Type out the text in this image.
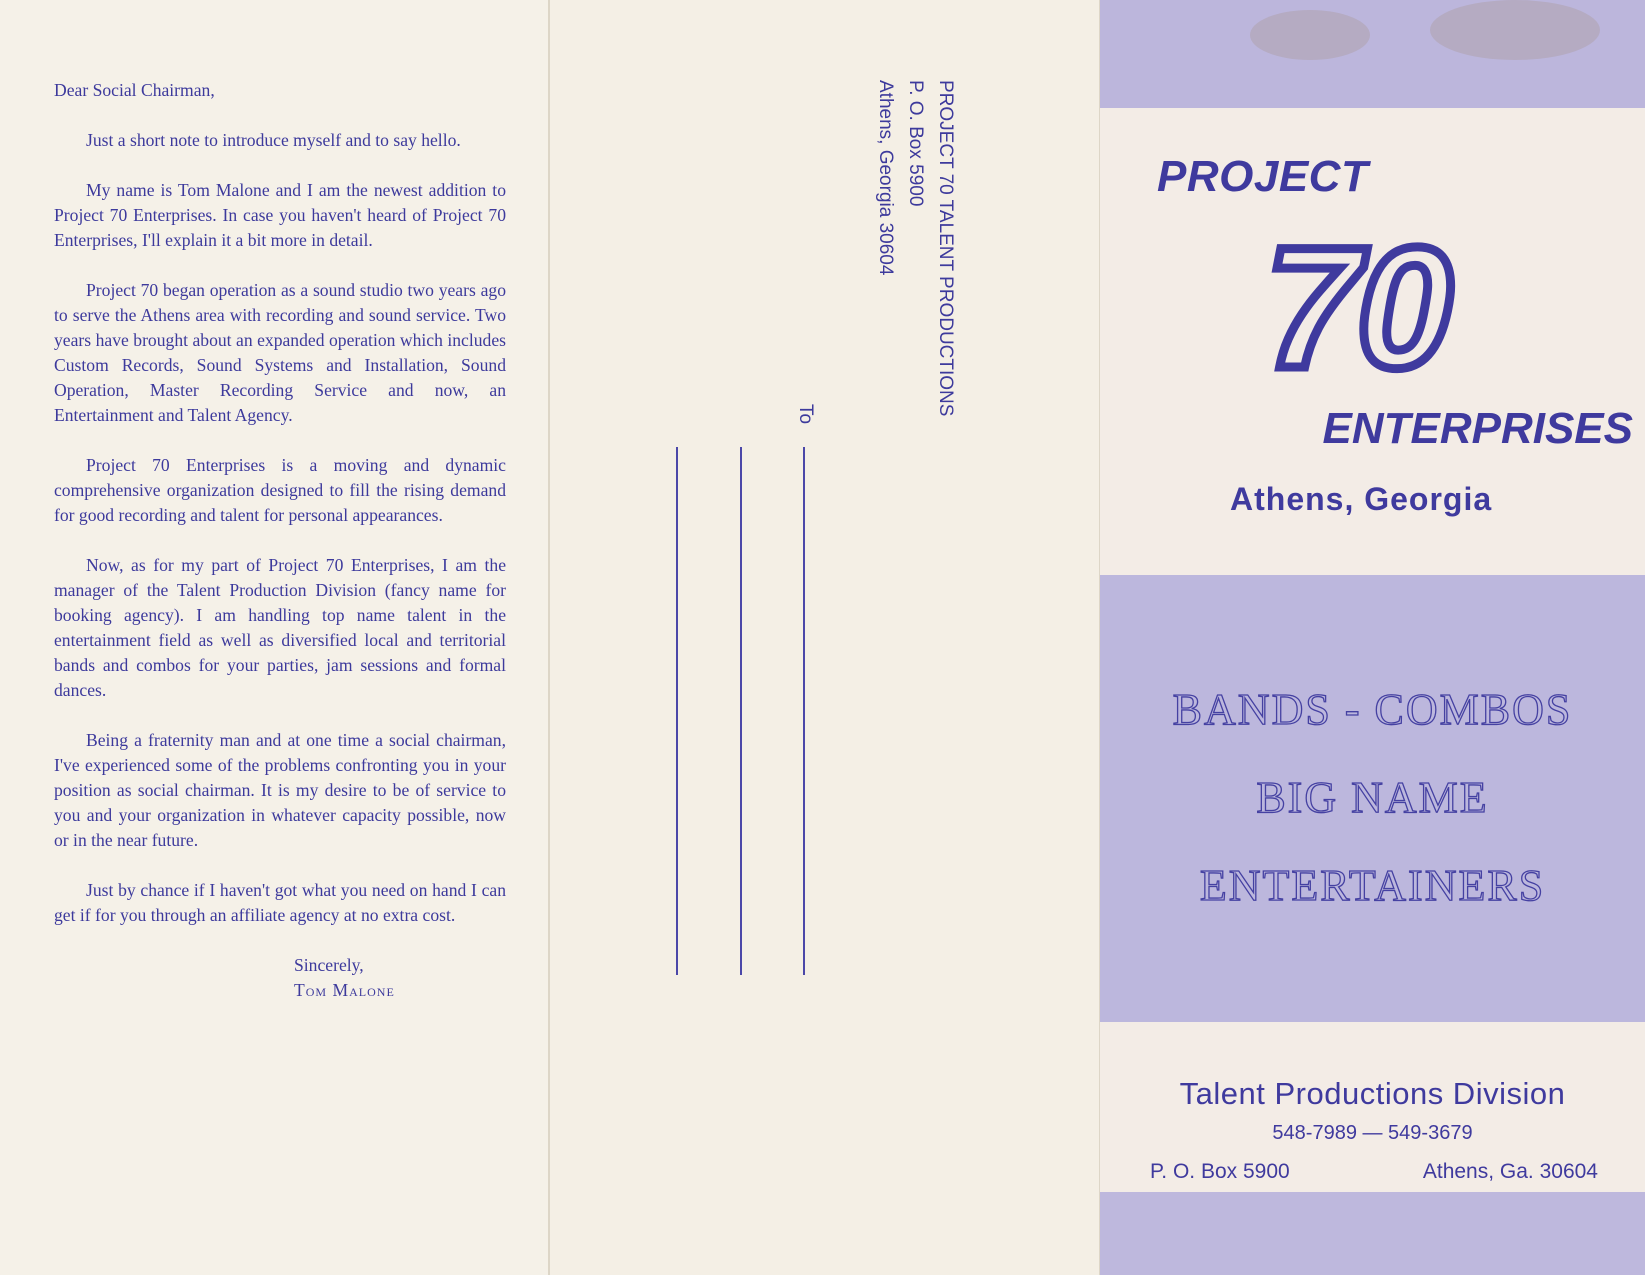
Dear Social Chairman,

Just a short note to introduce myself and to say hello.

My name is Tom Malone and I am the newest addition to Project 70 Enterprises. In case you haven't heard of Project 70 Enterprises, I'll explain it a bit more in detail.

Project 70 began operation as a sound studio two years ago to serve the Athens area with recording and sound service. Two years have brought about an expanded operation which includes Custom Records, Sound Systems and Installation, Sound Operation, Master Recording Service and now, an Entertainment and Talent Agency.

Project 70 Enterprises is a moving and dynamic comprehensive organization designed to fill the rising demand for good recording and talent for personal appearances.

Now, as for my part of Project 70 Enterprises, I am the manager of the Talent Production Division (fancy name for booking agency). I am handling top name talent in the entertainment field as well as diversified local and territorial bands and combos for your parties, jam sessions and formal dances.

Being a fraternity man and at one time a social chairman, I've experienced some of the problems confronting you in your position as social chairman. It is my desire to be of service to you and your organization in whatever capacity possible, now or in the near future.

Just by chance if I haven't got what you need on hand I can get if for you through an affiliate agency at no extra cost.

Sincerely,
Tom Malone
PROJECT 70 TALENT PRODUCTIONS
P. O. Box 5900
Athens, Georgia 30604
To
PROJECT
70
ENTERPRISES
Athens, Georgia
BANDS - COMBOS
BIG NAME
ENTERTAINERS
Talent Productions Division
548-7989 — 549-3679
P. O. Box 5900	Athens, Ga. 30604
